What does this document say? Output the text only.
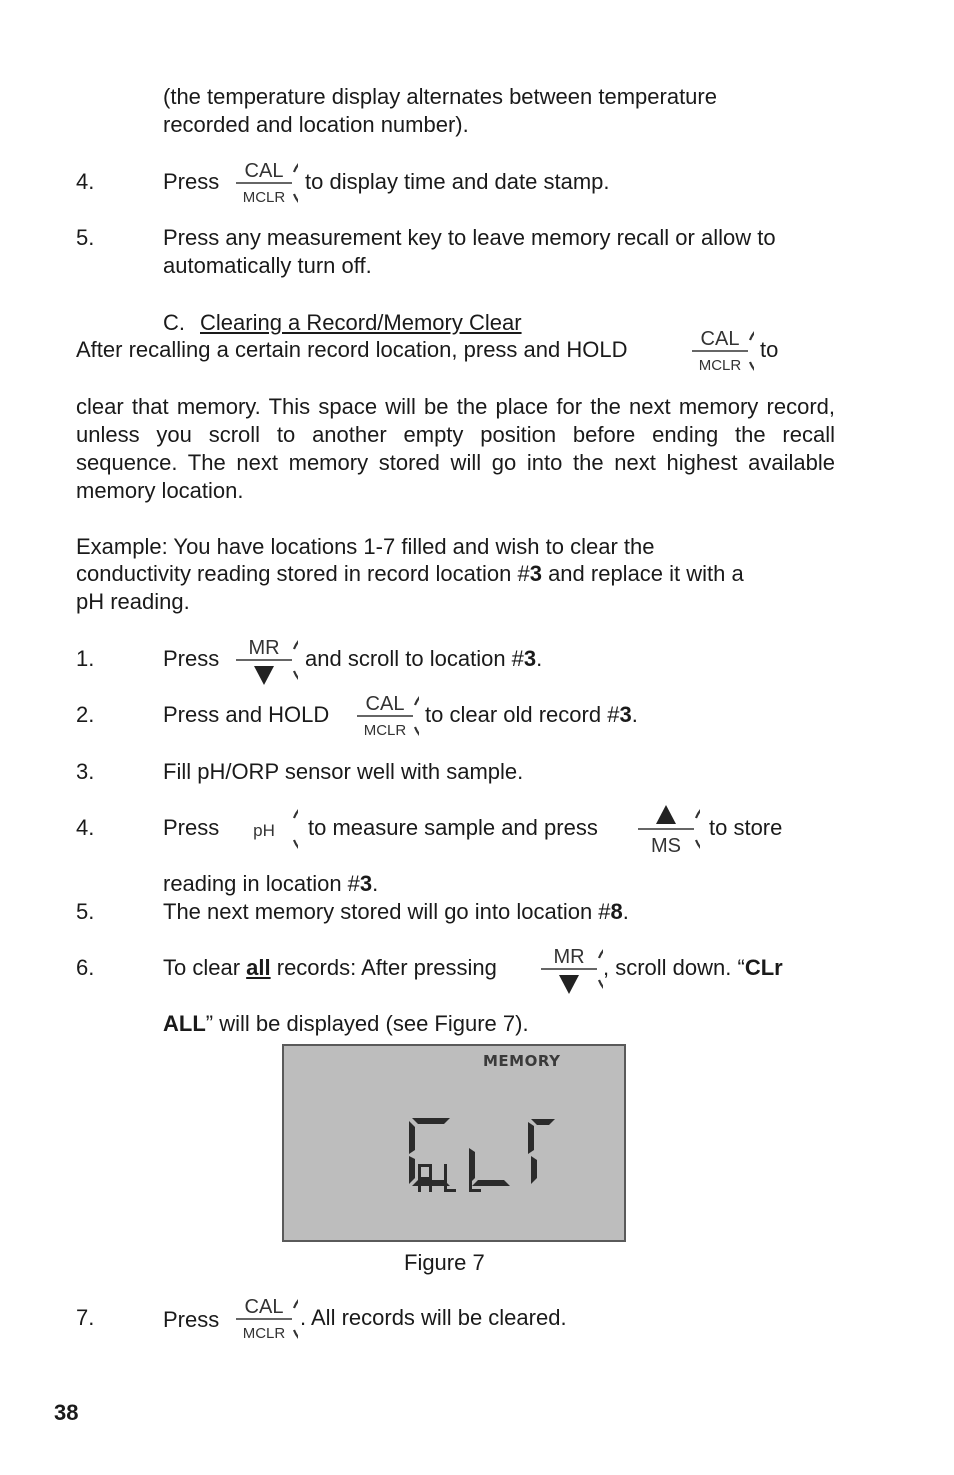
(the temperature display alternates between temperature
recorded and location number).
4.	Press CAL
MCLR
to display time and date stamp.
5.	Press any measurement key to leave memory recall or allow to
automatically turn off.
C. Clearing a Record/Memory Clear
After recalling a certain record location, press and HOLD	CAL
MCLR
to
clear that memory. This space will be the place for the next memory record, unless you scroll to another empty position before ending the recall sequence. The next memory stored will go into the next highest available memory location.
Example: You have locations 1-7 filled and wish to clear the
conductivity reading stored in record location #3 and replace it with a
pH reading.
1.	Press MR and scroll to location #3.
2.	Press and HOLD CAL
MCLR
to clear old record #3.
3.	Fill pH/ORP sensor well with sample.
4.	Press pH to measure sample and press
MS
to store
reading in location #3.
5.	The next memory stored will go into location #8.
6.	To clear all records: After pressing	MR , scroll down. “CLr
ALL” will be displayed (see Figure 7).
MEMORY
Figure 7
7.	Press CAL
MCLR
. All records will be cleared.
38
